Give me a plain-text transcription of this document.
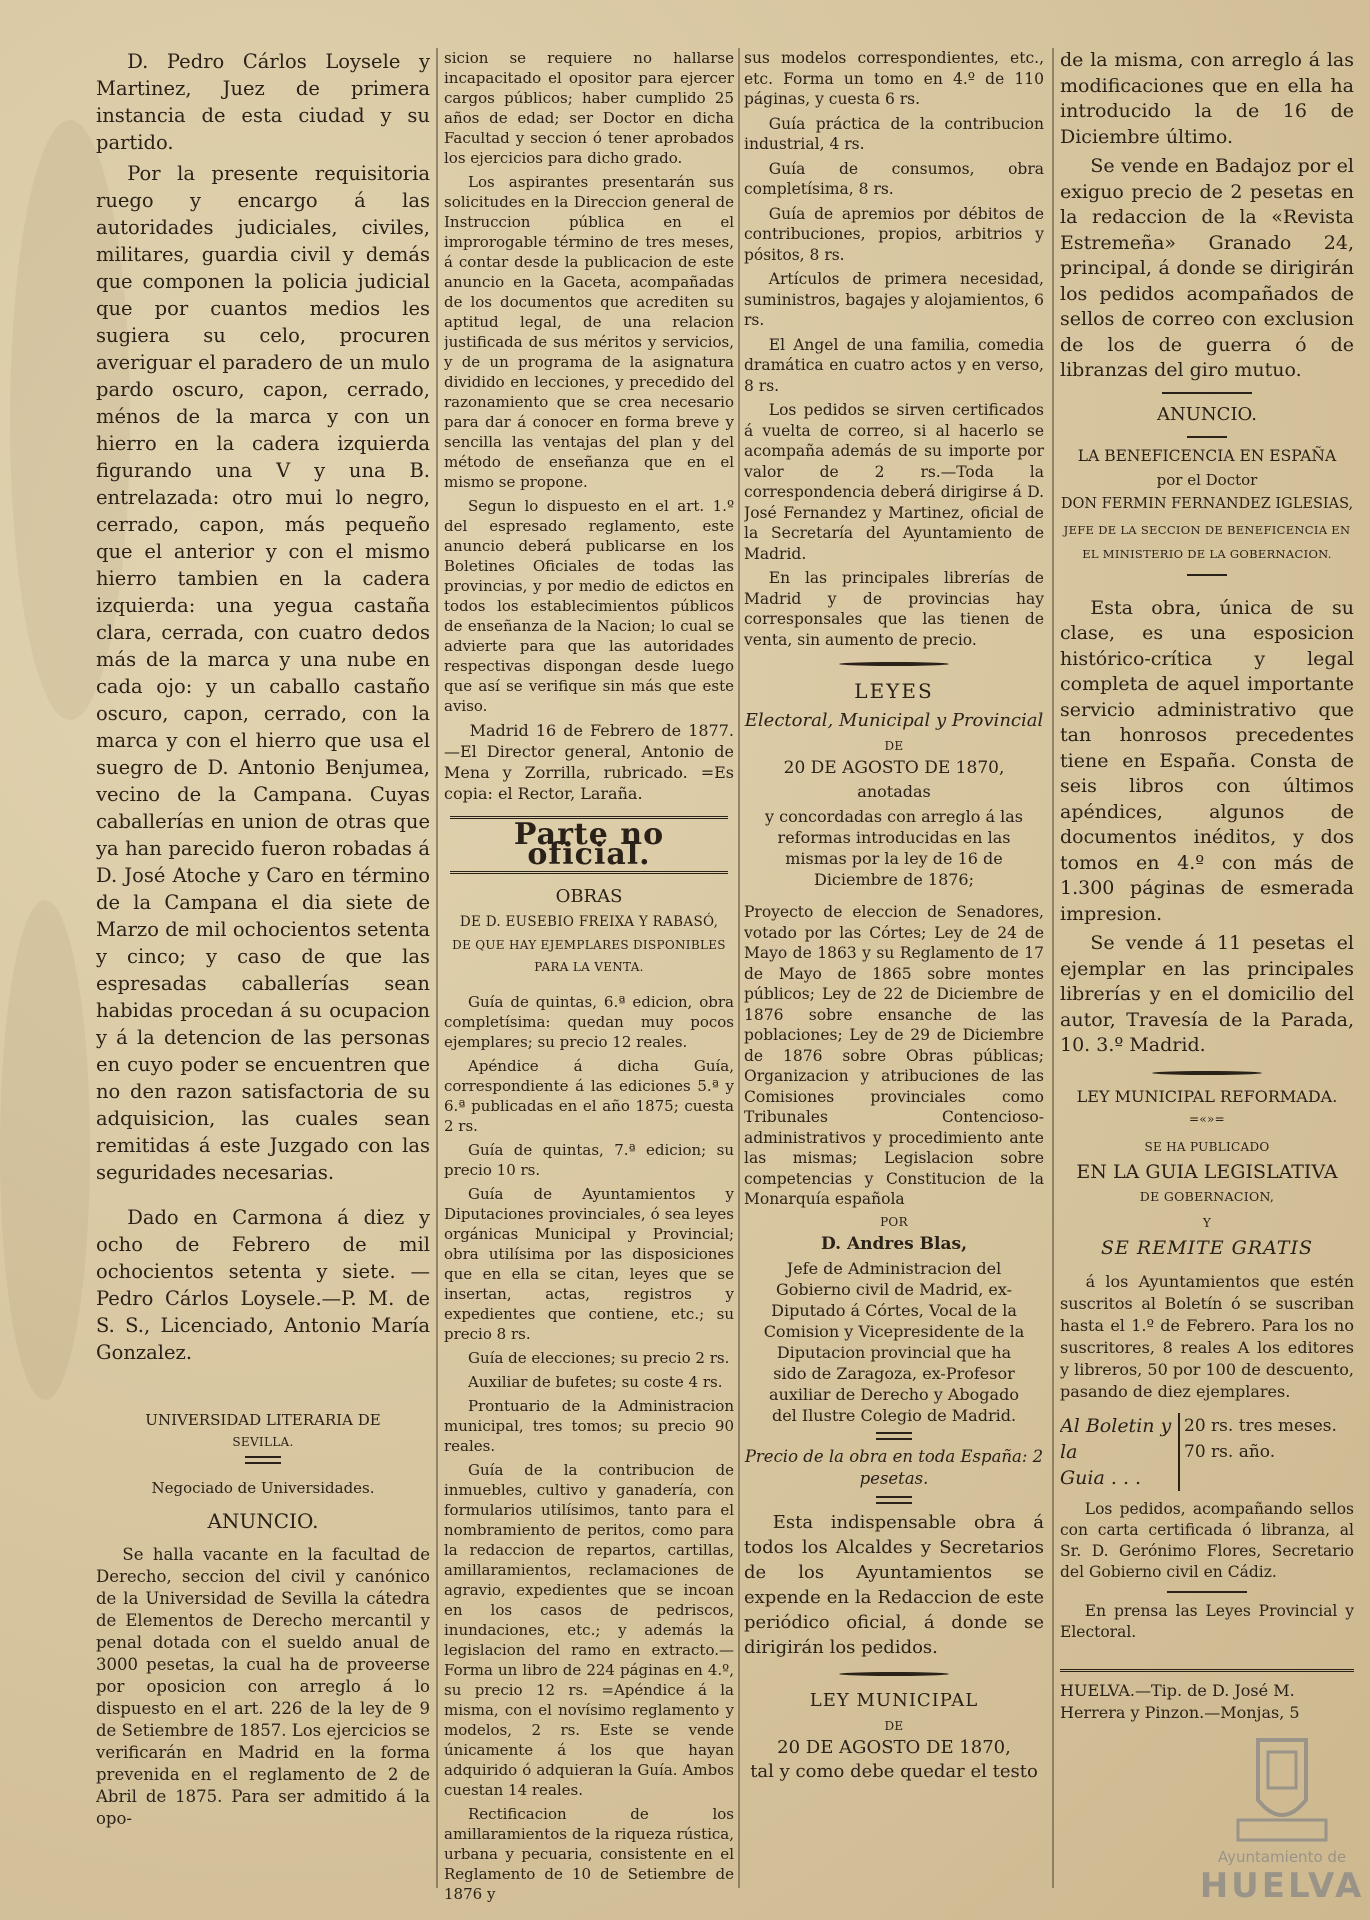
D. Pedro Cárlos Loysele y Martinez, Juez de primera instancia de esta ciudad y su partido.

Por la presente requisitoria ruego y encargo á las autoridades judiciales, civiles, militares, guardia civil y demás que componen la policia judicial que por cuantos medios les sugiera su celo, procuren averiguar el paradero de un mulo pardo oscuro, capon, cerrado, ménos de la marca y con un hierro en la cadera izquierda figurando una V y una B. entrelazada: otro mui lo negro, cerrado, capon, más pequeño que el anterior y con el mismo hierro tambien en la cadera izquierda: una yegua castaña clara, cerrada, con cuatro dedos más de la marca y una nube en cada ojo: y un caballo castaño oscuro, capon, cerrado, con la marca y con el hierro que usa el suegro de D. Antonio Benjumea, vecino de la Campana. Cuyas caballerías en union de otras que ya han parecido fueron robadas á D. José Atoche y Caro en término de la Campana el dia siete de Marzo de mil ochocientos setenta y cinco; y caso de que las espresadas caballerías sean habidas procedan á su ocupacion y á la detencion de las personas en cuyo poder se encuentren que no den razon satisfactoria de su adquisicion, las cuales sean remitidas á este Juzgado con las seguridades necesarias.

Dado en Carmona á diez y ocho de Febrero de mil ochocientos setenta y siete. —Pedro Cárlos Loysele.—P. M. de S. S., Licenciado, Antonio María Gonzalez.

UNIVERSIDAD LITERARIA DE

SEVILLA.

Negociado de Universidades.

ANUNCIO.

Se halla vacante en la facultad de Derecho, seccion del civil y canónico de la Universidad de Sevilla la cátedra de Elementos de Derecho mercantil y penal dotada con el sueldo anual de 3000 pesetas, la cual ha de proveerse por oposicion con arreglo á lo dispuesto en el art. 226 de la ley de 9 de Setiembre de 1857. Los ejercicios se verificarán en Madrid en la forma prevenida en el reglamento de 2 de Abril de 1875. Para ser admitido á la opo-

sicion se requiere no hallarse incapacitado el opositor para ejercer cargos públicos; haber cumplido 25 años de edad; ser Doctor en dicha Facultad y seccion ó tener aprobados los ejercicios para dicho grado.

Los aspirantes presentarán sus solicitudes en la Direccion general de Instruccion pública en el improrogable término de tres meses, á contar desde la publicacion de este anuncio en la Gaceta, acompañadas de los documentos que acrediten su aptitud legal, de una relacion justificada de sus méritos y servicios, y de un programa de la asignatura dividido en lecciones, y precedido del razonamiento que se crea necesario para dar á conocer en forma breve y sencilla las ventajas del plan y del método de enseñanza que en el mismo se propone.

Segun lo dispuesto en el art. 1.º del espresado reglamento, este anuncio deberá publicarse en los Boletines Oficiales de todas las provincias, y por medio de edictos en todos los establecimientos públicos de enseñanza de la Nacion; lo cual se advierte para que las autoridades respectivas dispongan desde luego que así se verifique sin más que este aviso.

Madrid 16 de Febrero de 1877. —El Director general, Antonio de Mena y Zorrilla, rubricado. =Es copia: el Rector, Laraña.

Parte no oficial.

OBRAS

DE D. EUSEBIO FREIXA Y RABASÓ,

DE QUE HAY EJEMPLARES DISPONIBLES PARA LA VENTA.

Guía de quintas, 6.ª edicion, obra completísima: quedan muy pocos ejemplares; su precio 12 reales.

Apéndice á dicha Guía, correspondiente á las ediciones 5.ª y 6.ª publicadas en el año 1875; cuesta 2 rs.

Guía de quintas, 7.ª edicion; su precio 10 rs.

Guía de Ayuntamientos y Diputaciones provinciales, ó sea leyes orgánicas Municipal y Provincial; obra utilísima por las disposiciones que en ella se citan, leyes que se insertan, actas, registros y expedientes que contiene, etc.; su precio 8 rs.

Guía de elecciones; su precio 2 rs.

Auxiliar de bufetes; su coste 4 rs.

Prontuario de la Administracion municipal, tres tomos; su precio 90 reales.

Guía de la contribucion de inmuebles, cultivo y ganadería, con formularios utilísimos, tanto para el nombramiento de peritos, como para la redaccion de repartos, cartillas, amillaramientos, reclamaciones de agravio, expedientes que se incoan en los casos de pedriscos, inundaciones, etc.; y además la legislacion del ramo en extracto.—Forma un libro de 224 páginas en 4.º, su precio 12 rs. =Apéndice á la misma, con el novísimo reglamento y modelos, 2 rs. Este se vende únicamente á los que hayan adquirido ó adquieran la Guía. Ambos cuestan 14 reales.

Rectificacion de los amillaramientos de la riqueza rústica, urbana y pecuaria, consistente en el Reglamento de 10 de Setiembre de 1876 y

sus modelos correspondientes, etc., etc. Forma un tomo en 4.º de 110 páginas, y cuesta 6 rs.

Guía práctica de la contribucion industrial, 4 rs.

Guía de consumos, obra completísima, 8 rs.

Guía de apremios por débitos de contribuciones, propios, arbitrios y pósitos, 8 rs.

Artículos de primera necesidad, suministros, bagajes y alojamientos, 6 rs.

El Angel de una familia, comedia dramática en cuatro actos y en verso, 8 rs.

Los pedidos se sirven certificados á vuelta de correo, si al hacerlo se acompaña además de su importe por valor de 2 rs.—Toda la correspondencia deberá dirigirse á D. José Fernandez y Martinez, oficial de la Secretaría del Ayuntamiento de Madrid.

En las principales librerías de Madrid y de provincias hay corresponsales que las tienen de venta, sin aumento de precio.

LEYES

Electoral, Municipal y Provincial

DE

20 DE AGOSTO DE 1870,

anotadas

y concordadas con arreglo á las reformas introducidas en las mismas por la ley de 16 de Diciembre de 1876;

Proyecto de eleccion de Senadores, votado por las Córtes; Ley de 24 de Mayo de 1863 y su Reglamento de 17 de Mayo de 1865 sobre montes públicos; Ley de 22 de Diciembre de 1876 sobre ensanche de las poblaciones; Ley de 29 de Diciembre de 1876 sobre Obras públicas; Organizacion y atribuciones de las Comisiones provinciales como Tribunales Contencioso-administrativos y procedimiento ante las mismas; Legislacion sobre competencias y Constitucion de la Monarquía española

POR

D. Andres Blas,

Jefe de Administracion del Gobierno civil de Madrid, ex-Diputado á Córtes, Vocal de la Comision y Vicepresidente de la Diputacion provincial que ha sido de Zaragoza, ex-Profesor auxiliar de Derecho y Abogado del Ilustre Colegio de Madrid.

Precio de la obra en toda España: 2 pesetas.

Esta indispensable obra á todos los Alcaldes y Secretarios de los Ayuntamientos se expende en la Redaccion de este periódico oficial, á donde se dirigirán los pedidos.

LEY MUNICIPAL

DE

20 DE AGOSTO DE 1870,

tal y como debe quedar el testo

de la misma, con arreglo á las modificaciones que en ella ha introducido la de 16 de Diciembre último.

Se vende en Badajoz por el exiguo precio de 2 pesetas en la redaccion de la «Revista Estremeña» Granado 24, principal, á donde se dirigirán los pedidos acompañados de sellos de correo con exclusion de los de guerra ó de libranzas del giro mutuo.

ANUNCIO.

LA BENEFICENCIA EN ESPAÑA

por el Doctor

DON FERMIN FERNANDEZ IGLESIAS,

JEFE DE LA SECCION DE BENEFICENCIA EN EL MINISTERIO DE LA GOBERNACION.

Esta obra, única de su clase, es una esposicion histórico-crítica y legal completa de aquel importante servicio administrativo que tan honrosos precedentes tiene en España. Consta de seis libros con últimos apéndices, algunos de documentos inéditos, y dos tomos en 4.º con más de 1.300 páginas de esmerada impresion.

Se vende á 11 pesetas el ejemplar en las principales librerías y en el domicilio del autor, Travesía de la Parada, 10. 3.º Madrid.

LEY MUNICIPAL REFORMADA.

=«»=

SE HA PUBLICADO

EN LA GUIA LEGISLATIVA

DE GOBERNACION,

Y

SE REMITE GRATIS

á los Ayuntamientos que estén suscritos al Boletín ó se suscriban hasta el 1.º de Febrero. Para los no suscritores, 8 reales A los editores y libreros, 50 por 100 de descuento, pasando de diez ejemplares.

Al Boletin y la
Guia . . .
20 rs. tres meses.
70 rs. año.

Los pedidos, acompañando sellos con carta certificada ó libranza, al Sr. D. Gerónimo Flores, Secretario del Gobierno civil en Cádiz.

En prensa las Leyes Provincial y Electoral.

HUELVA.—Tip. de D. José M. Herrera y Pinzon.—Monjas, 5

Ayuntamiento de
HUELVA
